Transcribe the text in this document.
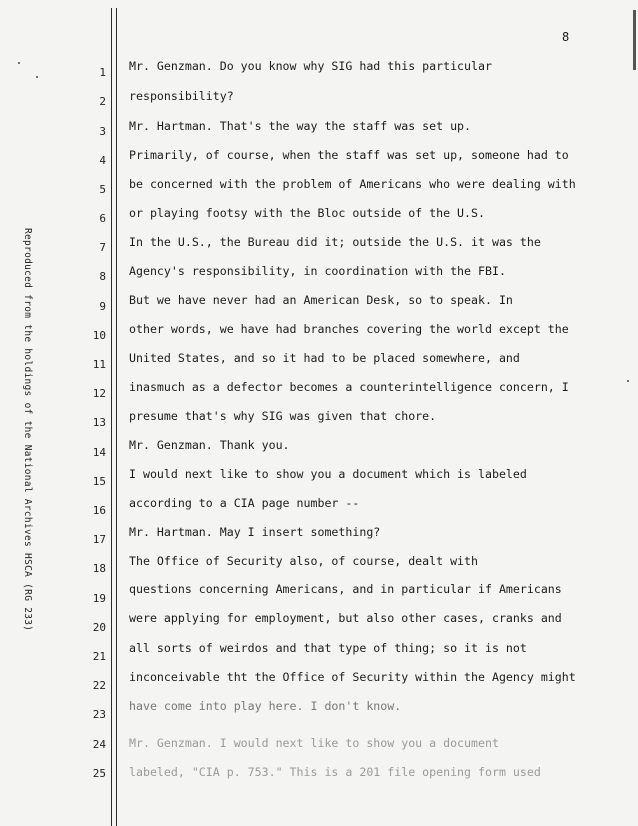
8
Reproduced from the holdings of the National Archives HSCA (RG 233)
1
2
3
4
5
6
7
8
9
10
11
12
13
14
15
16
17
18
19
20
21
22
23
24
25
Mr. Genzman. Do you know why SIG had this particular
responsibility?
Mr. Hartman. That's the way the staff was set up.
Primarily, of course, when the staff was set up, someone had to
be concerned with the problem of Americans who were dealing with
or playing footsy with the Bloc outside of the U.S.
In the U.S., the Bureau did it; outside the U.S. it was the
Agency's responsibility, in coordination with the FBI.
But we have never had an American Desk, so to speak. In
other words, we have had branches covering the world except the
United States, and so it had to be placed somewhere, and
inasmuch as a defector becomes a counterintelligence concern, I
presume that's why SIG was given that chore.
Mr. Genzman. Thank you.
I would next like to show you a document which is labeled
according to a CIA page number --
Mr. Hartman. May I insert something?
The Office of Security also, of course, dealt with
questions concerning Americans, and in particular if Americans
were applying for employment, but also other cases, cranks and
all sorts of weirdos and that type of thing; so it is not
inconceivable tht the Office of Security within the Agency might
have come into play here. I don't know.
Mr. Genzman. I would next like to show you a document
labeled, "CIA p. 753." This is a 201 file opening form used
